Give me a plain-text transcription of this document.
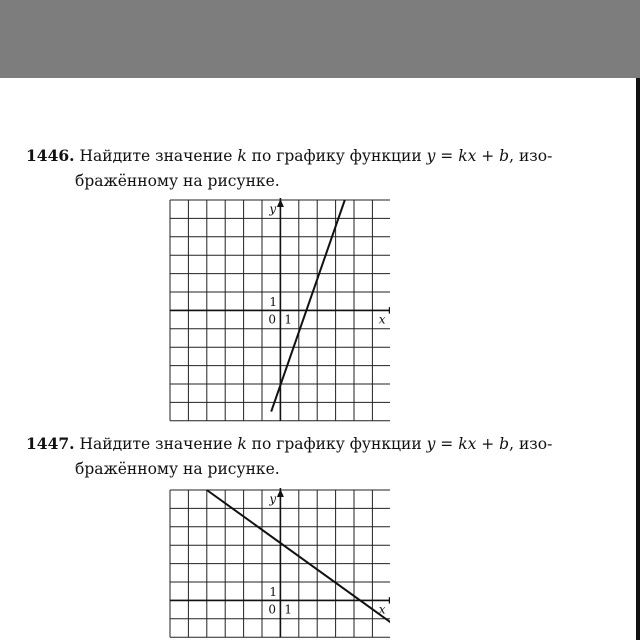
1446. Найдите значение k по графику функции y = kx + b, изо-
бражённому на рисунке.
y
x
1
0 1
1447. Найдите значение k по графику функции y = kx + b, изо-
бражённому на рисунке.
y
x
1
0 1
